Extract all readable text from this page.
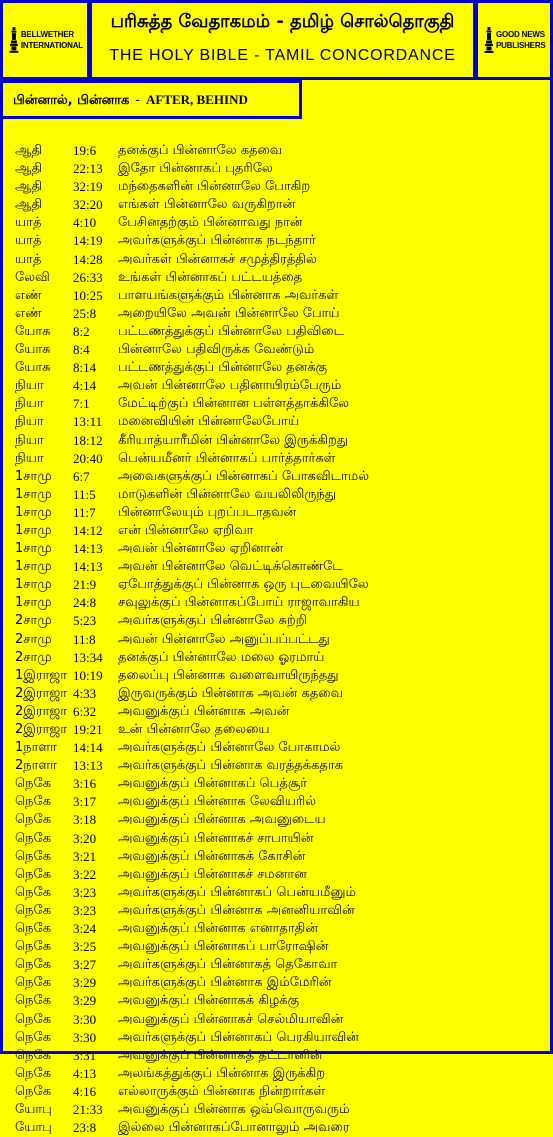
BELLWETHER INTERNATIONAL
பரிசுத்த வேதாகமம் - தமிழ் சொல்தொகுதி
THE HOLY BIBLE - TAMIL CONCORDANCE
GOOD NEWS PUBLISHERS
பின்னால், பின்னாக - AFTER, BEHIND
ஆதி 19:6 தனக்குப் பின்னாலே கதவை
ஆதி 22:13 இதோ பின்னாகப் புதரிலே
ஆதி 32:19 மந்தைகளின் பின்னாலே போகிற
ஆதி 32:20 எங்கள் பின்னாலே வருகிறான்
யாத் 4:10 பேசினதற்கும் பின்னாவது நான்
யாத் 14:19 அவர்களுக்குப் பின்னாக நடந்தார்
யாத் 14:28 அவர்கள் பின்னாகச் சமுத்திரத்தில்
லேவி 26:33 உங்கள் பின்னாகப் பட்டயத்தை
எண் 10:25 பாளயங்களுக்கும் பின்னாக அவர்கள்
எண் 25:8 அறையிலே அவன் பின்னாலே போய்
யோசு 8:2 பட்டணத்துக்குப் பின்னாலே பதிவிடை
யோசு 8:4 பின்னாலே பதிவிருக்க வேண்டும்
யோசு 8:14 பட்டணத்துக்குப் பின்னாலே தனக்கு
நியா 4:14 அவன் பின்னாலே பதினாயிரம்பேரும்
நியா 7:1 மேட்டிற்குப் பின்னான பள்ளத்தாக்கிலே
நியா 13:11 மனைவியின் பின்னாலேபோய்
நியா 18:12 கீரியாத்யாரீமின் பின்னாலே இருக்கிறது
நியா 20:40 பென்யமீனர் பின்னாகப் பார்த்தார்கள்
1சாமு 6:7 அவைகளுக்குப் பின்னாகப் போகவிடாமல்
1சாமு 11:5 மாடுகளின் பின்னாலே வயலிலிருந்து
1சாமு 11:7 பின்னாலேயும் புறப்படாதவன்
1சாமு 14:12 என் பின்னாலே ஏறிவா
1சாமு 14:13 அவன் பின்னாலே ஏறினான்
1சாமு 14:13 அவன் பின்னாலே வெட்டிக்கொண்டே
1சாமு 21:9 ஏபோத்துக்குப் பின்னாக ஒரு புடவையிலே
1சாமு 24:8 சவுலுக்குப் பின்னாகப்போய் ராஜாவாகிய
2சாமு 5:23 அவர்களுக்குப் பின்னாலே சுற்றி
2சாமு 11:8 அவன் பின்னாலே அனுப்பப்பட்டது
2சாமு 13:34 தனக்குப் பின்னாலே மலை ஓரமாய்
1இராஜா 10:19 தலைப்பு பின்னாக வளைவாயிருந்தது
2இராஜா 4:33 இருவருக்கும் பின்னாக அவன் கதவை
2இராஜா 6:32 அவனுக்குப் பின்னாக அவன்
2இராஜா 19:21 உன் பின்னாலே தலையை
1நாளா 14:14 அவர்களுக்குப் பின்னாலே போகாமல்
2நாளா 13:13 அவர்களுக்குப் பின்னாக வரத்தக்கதாக
நெகே 3:16 அவனுக்குப் பின்னாகப் பெத்சூர்
நெகே 3:17 அவனுக்குப் பின்னாக லேவியரில்
நெகே 3:18 அவனுக்குப் பின்னாக அவனுடைய
நெகே 3:20 அவனுக்குப் பின்னாகச் சாபாயின்
நெகே 3:21 அவனுக்குப் பின்னாகக் கோசின்
நெகே 3:22 அவனுக்குப் பின்னாகச் சமனான
நெகே 3:23 அவர்களுக்குப் பின்னாகப் பென்யமீனும்
நெகே 3:23 அவர்களுக்குப் பின்னாக அனனியாவின்
நெகே 3:24 அவனுக்குப் பின்னாக எனாதாதின்
நெகே 3:25 அவனுக்குப் பின்னாகப் பாரோஷின்
நெகே 3:27 அவர்களுக்குப் பின்னாகத் தெகோவா
நெகே 3:29 அவர்களுக்குப் பின்னாக இம்மேரின்
நெகே 3:29 அவனுக்குப் பின்னாகக் கிழக்கு
நெகே 3:30 அவனுக்குப் பின்னாகச் செல்மியாவின்
நெகே 3:30 அவர்களுக்குப் பின்னாகப் பெரகியாவின்
நெகே 3:31 அவனுக்குப் பின்னாகத் தட்டானின்
நெகே 4:13 அலங்கத்துக்குப் பின்னாக இருக்கிற
நெகே 4:16 எல்லாருக்கும் பின்னாக நின்றார்கள்
யோபு 21:33 அவனுக்குப் பின்னாக ஒவ்வொருவரும்
யோபு 23:8 இல்லை பின்னாகப்போனாலும் அவரை
